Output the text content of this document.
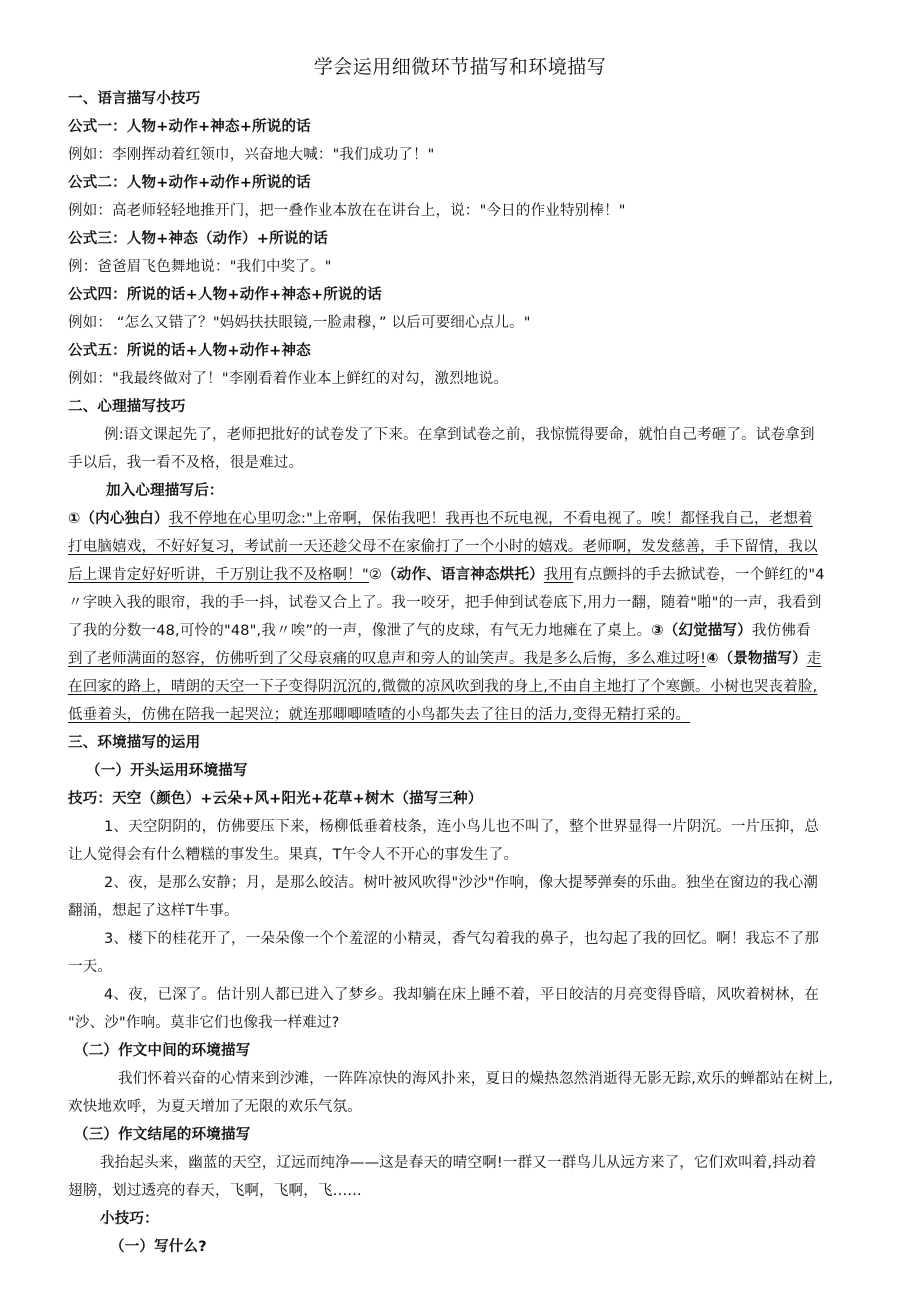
学会运用细微环节描写和环境描写
一、语言描写小技巧
公式一：人物+动作+神态+所说的话
例如：李刚挥动着红领巾，兴奋地大喊："我们成功了！"
公式二：人物+动作+动作+所说的话
例如：高老师轻轻地推开门，把一叠作业本放在在讲台上，说："今日的作业特别棒！"
公式三：人物+神态（动作）+所说的话
例：爸爸眉飞色舞地说："我们中奖了。"
公式四：所说的话+人物+动作+神态+所说的话
例如： “怎么又错了？"妈妈扶扶眼镜,一脸肃穆，” 以后可要细心点儿。"
公式五：所说的话+人物+动作+神态
例如："我最终做对了！"李刚看着作业本上鲜红的对勾，激烈地说。
二、心理描写技巧
例:语文课起先了，老师把批好的试卷发了下来。在拿到试卷之前，我惊慌得要命，就怕自己考砸了。试卷拿到
手以后，我一看不及格，很是难过。
加入心理描写后：
①（内心独白）我不停地在心里叨念:"上帝啊，保佑我吧！我再也不玩电视，不看电视了。唉！都怪我自己，老想着
打电脑嬉戏，不好好复习，考试前一天还趁父母不在家偷打了一个小时的嬉戏。老师啊，发发慈善，手下留情，我以
后上课肯定好好听讲，千万别让我不及格啊！"②（动作、语言神态烘托）我用有点颤抖的手去掀试卷，一个鲜红的"4
〃字映入我的眼帘，我的手一抖，试卷又合上了。我一咬牙，把手伸到试卷底下,用力一翻，随着"啪"的一声，我看到
了我的分数一48,可怜的"48",我〃唉”的一声，像泄了气的皮球，有气无力地瘫在了桌上。③（幻觉描写）我仿佛看
到了老师满面的怒容，仿佛听到了父母哀痛的叹息声和旁人的讪笑声。我是多么后悔，多么难过呀!④（景物描写）走
在回家的路上，晴朗的天空一下子变得阴沉沉的,微微的凉风吹到我的身上,不由自主地打了个寒颤。小树也哭丧着脸,
低垂着头，仿佛在陪我一起哭泣；就连那唧唧喳喳的小鸟都失去了往日的活力,变得无精打采的。
三、环境描写的运用
（一）开头运用环境描写
技巧：天空（颜色）+云朵+风+阳光+花草+树木（描写三种）
1、天空阴阴的，仿佛要压下来，杨柳低垂着枝条，连小鸟儿也不叫了，整个世界显得一片阴沉。一片压抑，总
让人觉得会有什么糟糕的事发生。果真，T午令人不开心的事发生了。
2、夜，是那么安静；月，是那么皎洁。树叶被风吹得"沙沙"作响，像大提琴弹奏的乐曲。独坐在窗边的我心潮
翻涌，想起了这样T牛事。
3、楼下的桂花开了，一朵朵像一个个羞涩的小精灵，香气勾着我的鼻子，也勾起了我的回忆。啊！我忘不了那
一天。
4、夜，已深了。估计别人都已进入了梦乡。我却躺在床上睡不着，平日皎洁的月亮变得昏暗，风吹着树林，在
"沙、沙"作响。莫非它们也像我一样难过?
（二）作文中间的环境描写
我们怀着兴奋的心情来到沙滩，一阵阵凉快的海风扑来，夏日的燥热忽然消逝得无影无踪,欢乐的蝉都站在树上,
欢快地欢呼，为夏天增加了无限的欢乐气氛。
（三）作文结尾的环境描写
我抬起头来，幽蓝的天空，辽远而纯净——这是春天的晴空啊!一群又一群鸟儿从远方来了，它们欢叫着,抖动着
翅膀，划过透亮的春天，飞啊，飞啊，飞……
小技巧：
（一）写什么?
